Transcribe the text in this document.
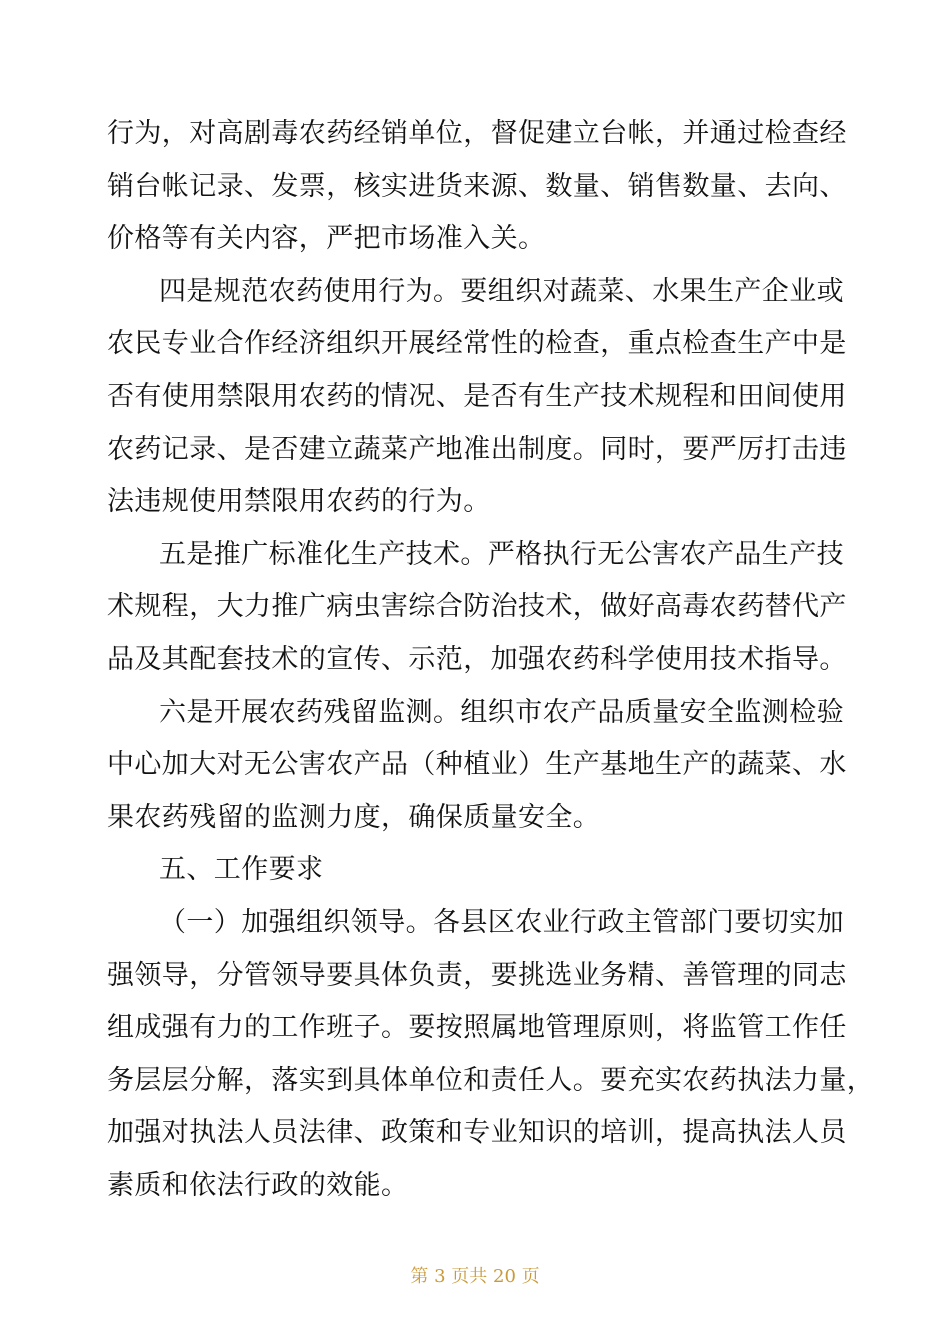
行为，对高剧毒农药经销单位，督促建立台帐，并通过检查经
销台帐记录、发票，核实进货来源、数量、销售数量、去向、
价格等有关内容，严把市场准入关。
四是规范农药使用行为。要组织对蔬菜、水果生产企业或
农民专业合作经济组织开展经常性的检查，重点检查生产中是
否有使用禁限用农药的情况、是否有生产技术规程和田间使用
农药记录、是否建立蔬菜产地准出制度。同时，要严厉打击违
法违规使用禁限用农药的行为。
五是推广标准化生产技术。严格执行无公害农产品生产技
术规程，大力推广病虫害综合防治技术，做好高毒农药替代产
品及其配套技术的宣传、示范，加强农药科学使用技术指导。
六是开展农药残留监测。组织市农产品质量安全监测检验
中心加大对无公害农产品（种植业）生产基地生产的蔬菜、水
果农药残留的监测力度，确保质量安全。
五、工作要求
（一）加强组织领导。各县区农业行政主管部门要切实加
强领导，分管领导要具体负责，要挑选业务精、善管理的同志
组成强有力的工作班子。要按照属地管理原则，将监管工作任
务层层分解，落实到具体单位和责任人。要充实农药执法力量，
加强对执法人员法律、政策和专业知识的培训，提高执法人员
素质和依法行政的效能。
第 3 页共 20 页
